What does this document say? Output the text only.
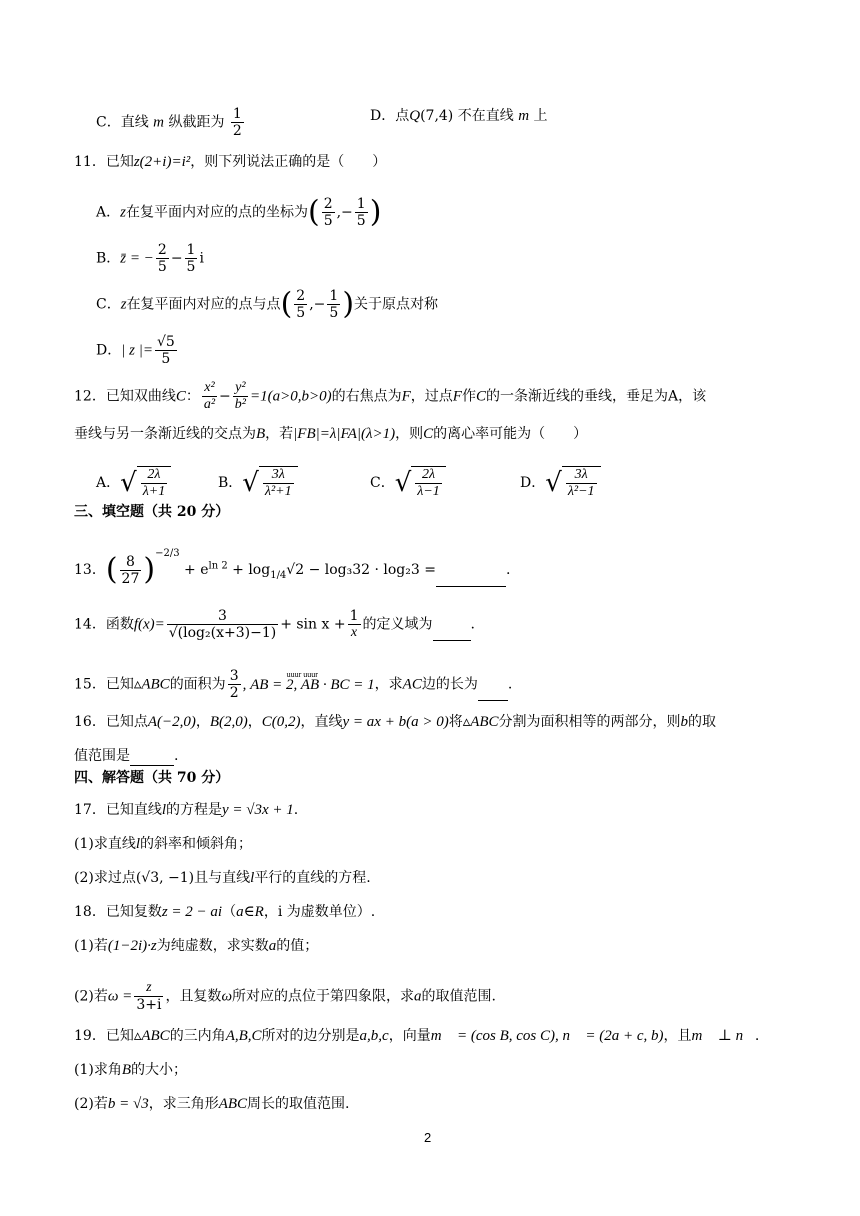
C．直线 m 纵截距为 $\frac{1}{2}$	D．点Q(7,4) 不在直线 m 上
11．已知z(2+i)=i²，则下列说法正确的是（　　）
A．z在复平面内对应的点的坐标为( $\frac{2}{5}$ ,− $\frac{1}{5}$ )
B．z̄ = − $\frac{2}{5} - \frac{1}{5}$ i
C．z在复平面内对应的点与点( $\frac{2}{5}$ ,− $\frac{1}{5}$ )关于原点对称
D．| z |= $\frac{√5}{5}$
12．已知双曲线C： $\frac{\text{x²}}{\text{a²}} - \frac{\text{y²}}{\text{b²}} =1(a>0,b>0)$的右焦点为F，过点F作C的一条渐近线的垂线，垂足为A，该
垂线与另一条渐近线的交点为B，若|FB|=λ|FA|(λ>1)，则C的离心率可能为（　　）
A．√ $\frac{2\lambda}{\lambda+1}$	B．√ $\frac{3\lambda}{\text{λ²+1}}$	C．√ $\frac{2\lambda}{\lambda-1}$	D．√ $\frac{3\lambda}{\text{λ²−1}}$
三、填空题（共 20 分）
13．( $\frac{8}{27} )^{-2/3} + e^{ln 2} + \log_{1/4}√2 - \log_332 \cdot \log_23$ =	.
14．函数$f(x)= \frac{3}{\text{√(log₂(x+3)−1)}} + \sin x + \frac{1}{x}$ 的定义域为	.
15．已知▵ABC的面积为 $\frac{3}{2}$ , AB = 2, AB · BC = 1
uuur uuur
，求AC边的长为 .
16．已知点A(−2,0)，B(2,0)，C(0,2)，直线y = ax + b(a > 0)将▵ABC分割为面积相等的两部分，则b的取
值范围是	.
四、解答题（共 70 分）
17．已知直线l的方程是y = √3x + 1.
(1)求直线l的斜率和倾斜角；
(2)求过点(√3, −1)且与直线l平行的直线的方程.
18．已知复数z = 2 − ai（a∈R，i 为虚数单位）.
(1)若(1−2i)·z为纯虚数，求实数a的值；
(2)若$\omega = \frac{z}{3+i}$ ，且复数ω所对应的点位于第四象限，求a的取值范围.
19．已知▵ABC的三内角A,B,C所对的边分别是a,b,c，向量m⃗ = (cos B, cos C), n⃗ = (2a + c, b)，且m⃗ ⊥ n⃗.
(1)求角B的大小；
(2)若b = √3，求三角形ABC周长的取值范围.
2
